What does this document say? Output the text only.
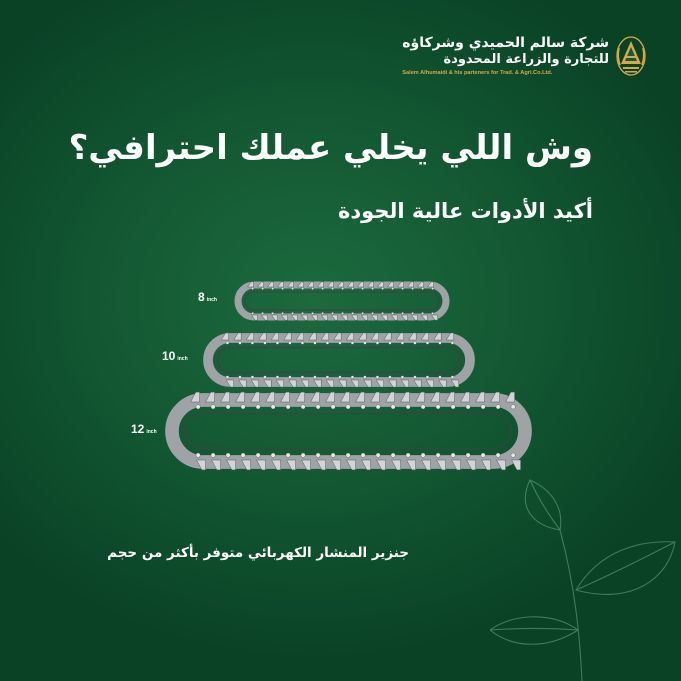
شركة سالم الحميدي وشركاؤه
للتجارة والزراعة المحدودة
Salem Alhumaidi & his parteners for Trad. & Agri.Co.Ltd.
وش اللي يخلي عملك احترافي؟
أكيد الأدوات عالية الجودة
8 inch
10 inch
12 inch
جنزير المنشار الكهربائي متوفر بأكثر من حجم
